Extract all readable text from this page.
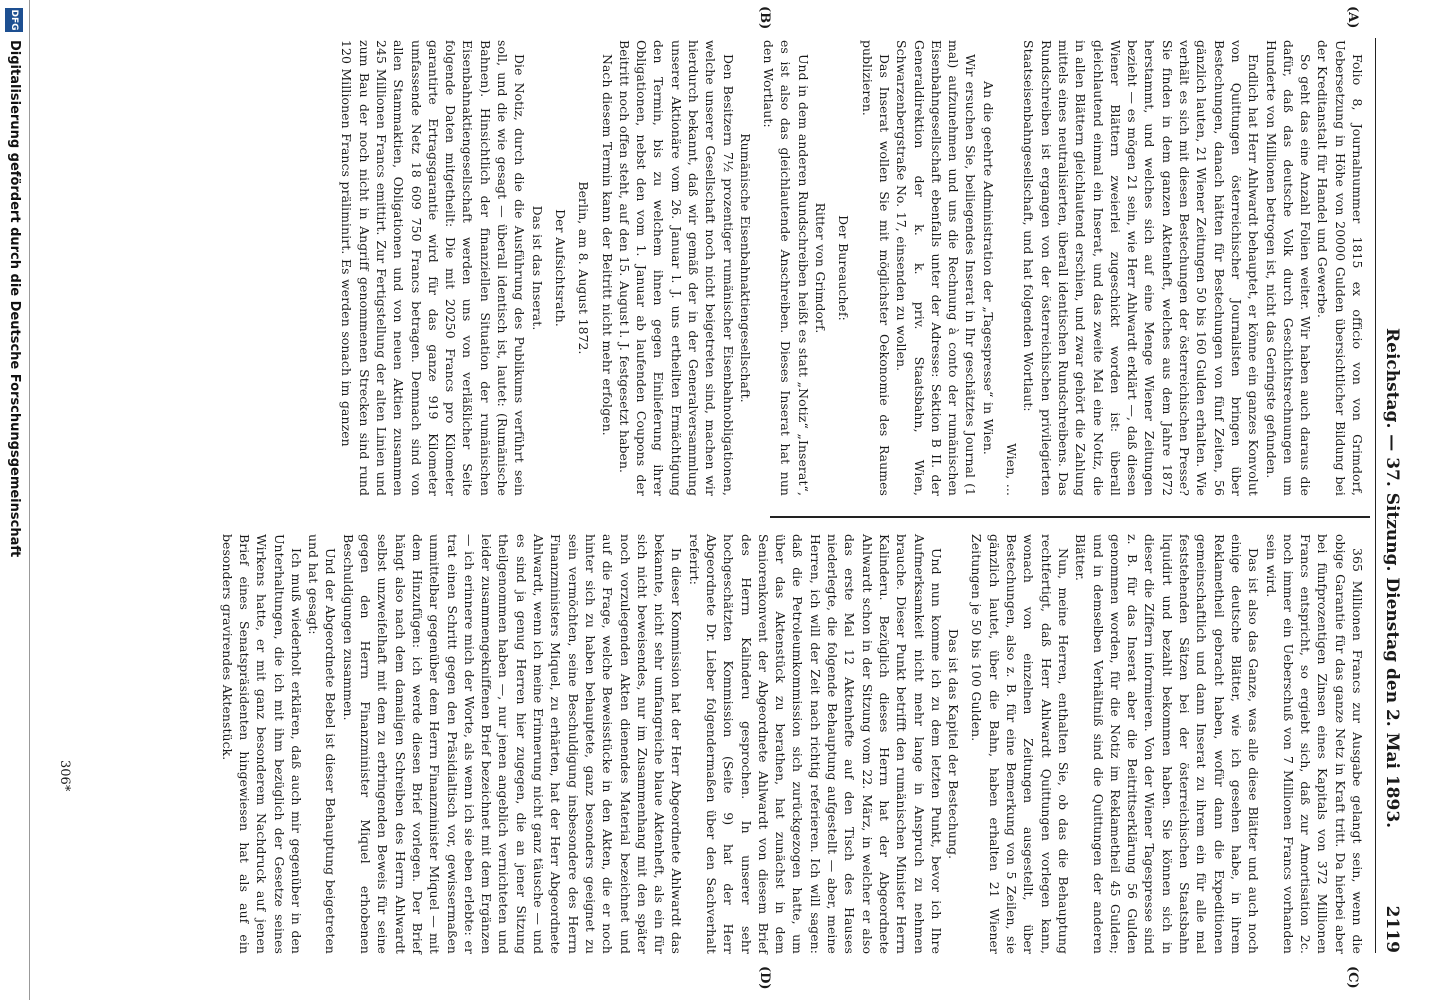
Reichstag. — 37. Sitzung. Dienstag den 2. Mai 1893.
2119
(A)
(B)
(C)
(D)

Folio 8, Journalnummer 1815 ex officio von von Grimdorf, Uebersetzung in Höhe von 20000 Gulden übersichtlicher Bildung bei der Kreditanstalt für Handel und Gewerbe.

So geht das eine Anzahl Folien weiter. Wir haben auch daraus die dafür, daß das deutsche Volk durch Geschichtsrechnungen um Hunderte von Millionen betrogen ist, nicht das Geringste gefunden.

Endlich hat Herr Ahlwardt behauptet, er könne ein ganzes Konvolut von Quittungen österreichischer Journalisten bringen über Bestechungen, danach hätten für Bestechungen von fünf Zeiten, 56 gänzlich lauten, 21 Wiener Zeitungen 50 bis 160 Gulden erhalten. Wie verhält es sich mit diesen Bestechungen der österreichischen Presse? Sie finden in dem ganzen Aktenheft, welches aus dem Jahre 1872 herstammt, und welches sich auf eine Menge Wiener Zeitungen bezieht — es mögen 21 sein, wie Herr Ahlwardt erklärt —, daß diesen Wiener Blättern zweierlei zugeschickt worden ist: überall gleichlautend einmal ein Inserat, und das zweite Mal eine Notiz, die in allen Blättern gleichlautend erschien, und zwar gehört die Zahlung mittels eines neutralisierten, überall identischen Rundschreibens. Das Rundschreiben ist ergangen von der österreichischen privilegierten Staatseisenbahngesellschaft, und hat folgenden Wortlaut:

Wien, ...

An die geehrte Administration der „Tagespresse“ in Wien.

Wir ersuchen Sie, beiliegendes Inserat in Ihr geschätztes Journal (1 mal) aufzunehmen und uns die Rechnung à conto der rumänischen Eisenbahngesellschaft ebenfalls unter der Adresse: Sektion B II. der Generaldirektion der k. k. priv. Staatsbahn, Wien, Schwarzenbergstraße No. 17, einsenden zu wollen.

Das Inserat wollen Sie mit möglichster Oekonomie des Raumes publizieren.

Der Bureauchef:

Ritter von Grimdorf.

Und in dem anderen Rundschreiben heißt es statt „Notiz“ „Inserat“, es ist also das gleichlautende Anschreiben. Dieses Inserat hat nun den Wortlaut:

Rumänische Eisenbahnaktiengesellschaft.

Den Besitzern 7½ prozentiger rumänischer Eisenbahnobligationen, welche unserer Gesellschaft noch nicht beigetreten sind, machen wir hierdurch bekannt, daß wir gemäß der in der Generalversammlung unserer Aktionäre vom 26. Januar l. J. uns ertheilten Ermächtigung den Termin, bis zu welchem ihnen gegen Einlieferung ihrer Obligationen, nebst den vom 1. Januar ab laufenden Coupons der Beitritt noch offen steht, auf den 15. August l. J. festgesetzt haben.

Nach diesem Termin kann der Beitritt nicht mehr erfolgen.

Berlin, am 8. August 1872.

Der Aufsichtsrath.

Das ist das Inserat.

Die Notiz, durch die die Ausführung des Publikums verführt sein soll, und die wie gesagt — überall identisch ist, lautet: (Rumänische Bahnen). Hinsichtlich der finanziellen Situation der rumänischen Eisenbahnaktiengesellschaft werden uns von verläßlicher Seite folgende Daten mitgetheilt: Die mit 20250 Francs pro Kilometer garantirte Ertragsgarantie wird für das ganze 919 Kilometer umfassende Netz 18 609 750 Francs betragen. Demnach sind von allen Stammaktien, Obligationen und von neuen Aktien zusammen 245 Millionen Francs emittirt. Zur Fertigstellung der alten Linien und zum Bau der noch nicht in Angriff genommenen Strecken sind rund 120 Millionen Francs präliminirt. Es werden sonach im ganzen

365 Millionen Francs zur Ausgabe gelangt sein, wenn die obige Garantie für das ganze Netz in Kraft tritt. Da hierbei aber bei fünfprozentigen Zinsen eines Kapitals von 372 Millionen Francs entspricht, so ergiebt sich, daß zur Amortisation 2c. noch immer ein Ueberschuß von 7 Millionen Francs vorhanden sein wird.

Das ist also das Ganze, was alle diese Blätter und auch noch einige deutsche Blätter, wie ich gesehen habe, in ihrem Reklametheil gebracht haben, wofür dann die Expeditionen gemeinschaftlich und dann Inserat zu ihrem ein für alle mal feststehenden Sätzen bei der österreichischen Staatsbahn liquidirt und bezahlt bekommen haben. Sie können sich in dieser die Ziffern informieren. Von der Wiener Tagespresse sind z. B. für das Inserat aber die Beitrittserklärung 56 Gulden genommen worden, für die Notiz im Reklametheil 45 Gulden; und in demselben Verhältniß sind die Quittungen der anderen Blätter.

Nun, meine Herren, enthalten Sie, ob das die Behauptung rechtfertigt, daß Herr Ahlwardt Quittungen vorlegen kann, wonach von einzelnen Zeitungen ausgestellt, über Bestechungen, also z. B. für eine Bemerkung von 5 Zeilen, sie gänzlich lautet, über die Bahn, haben erhalten 21 Wiener Zeitungen je 50 bis 100 Gulden.

Das ist das Kapitel der Bestechung.

Und nun komme ich zu dem letzten Punkt, bevor ich Ihre Aufmerksamkeit nicht mehr lange in Anspruch zu nehmen brauche. Dieser Punkt betrifft den rumänischen Minister Herrn Kalinderu. Bezüglich dieses Herrn hat der Abgeordnete Ahlwardt schon in der Sitzung vom 22. März, in welcher er also das erste Mal 12 Aktenhefte auf den Tisch des Hauses niederlegte, die folgende Behauptung aufgestellt — aber, meine Herren, ich will der Zeit nach richtig referieren. Ich will sagen: daß die Petroleumkommission sich zurückgezogen hatte, um über das Aktenstück zu berathen, hat zunächst in dem Seniorenkonvent der Abgeordnete Ahlwardt von diesem Brief des Herrn Kalinderu gesprochen. In unserer sehr hochgeschätzten Kommission (Seite 9) hat der Herr Abgeordnete Dr. Lieber folgendermaßen über den Sachverhalt referirt:

In dieser Kommission hat der Herr Abgeordnete Ahlwardt das bekannte, nicht sehr umfangreiche blaue Aktenheft, als ein für sich nicht beweisendes, nur im Zusammenhang mit den später noch vorzulegenden Akten dienendes Material bezeichnet und auf die Frage, welche Beweisstücke in den Akten, die er noch hinter sich zu haben behauptete, ganz besonders geeignet zu sein vermöchten, seine Beschuldigung insbesondere des Herrn Finanzministers Miquel, zu erhärten, hat der Herr Abgeordnete Ahlwardt, wenn ich meine Erinnerung nicht ganz täusche — und es sind ja genug Herren hier zugegen, die an jener Sitzung theilgenommen haben —, nur jenen angeblich vernichteten und leider zusammengekniffenen Brief bezeichnet mit dem Ergänzen — ich erinnere mich der Worte, als wenn ich sie eben erlebte: er trat einen Schritt gegen den Präsidialtisch vor, gewissermaßen unmittelbar gegenüber dem Herrn Finanzminister Miquel — mit dem Hinzufügen: ich werde diesen Brief vorlegen. Der Brief hängt also nach dem damaligen Schreiben des Herrn Ahlwardt selbst unzweifelhaft mit dem zu erbringenden Beweis für seine gegen den Herrn Finanzminister Miquel erhobenen Beschuldigungen zusammen.

Und der Abgeordnete Bebel ist dieser Behauptung beigetreten und hat gesagt:

Ich muß wiederholt erklären, daß auch mir gegenüber in den Unterhaltungen, die ich mit ihm bezüglich der Gesetze seines Wirkens hatte, er mit ganz besonderem Nachdruck auf jenen Brief eines Senatspräsidenten hingewiesen hat als auf ein besonders gravirendes Aktenstück.

306*
DFG
Digitalisierung gefördert durch die Deutsche Forschungsgemeinschaft
